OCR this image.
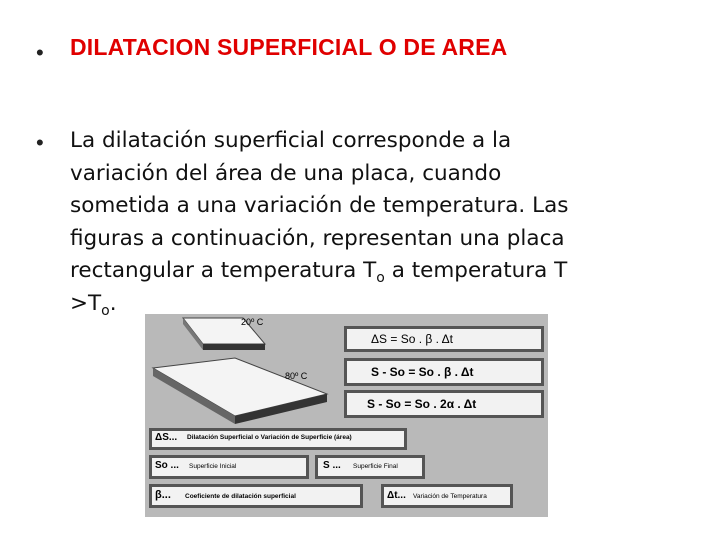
• DILATACION SUPERFICIAL O DE AREA
• La dilatación superficial corresponde a la
variación del área de una placa, cuando
sometida a una variación de temperatura. Las
figuras a continuación, representan una placa
rectangular a temperatura $T_o$ a temperatura T
$>T_o$.
20º C
80º C
ΔS = So . β . Δt
S - So = So . β . Δt
S - So = So . 2α . Δt
ΔS... Dilatación Superficial o Variación de Superficie (área)
So ... Superficie Inicial	S ... Superficie Final
β... Coeficiente de dilatación superficial	Δt... Variación de Temperatura
